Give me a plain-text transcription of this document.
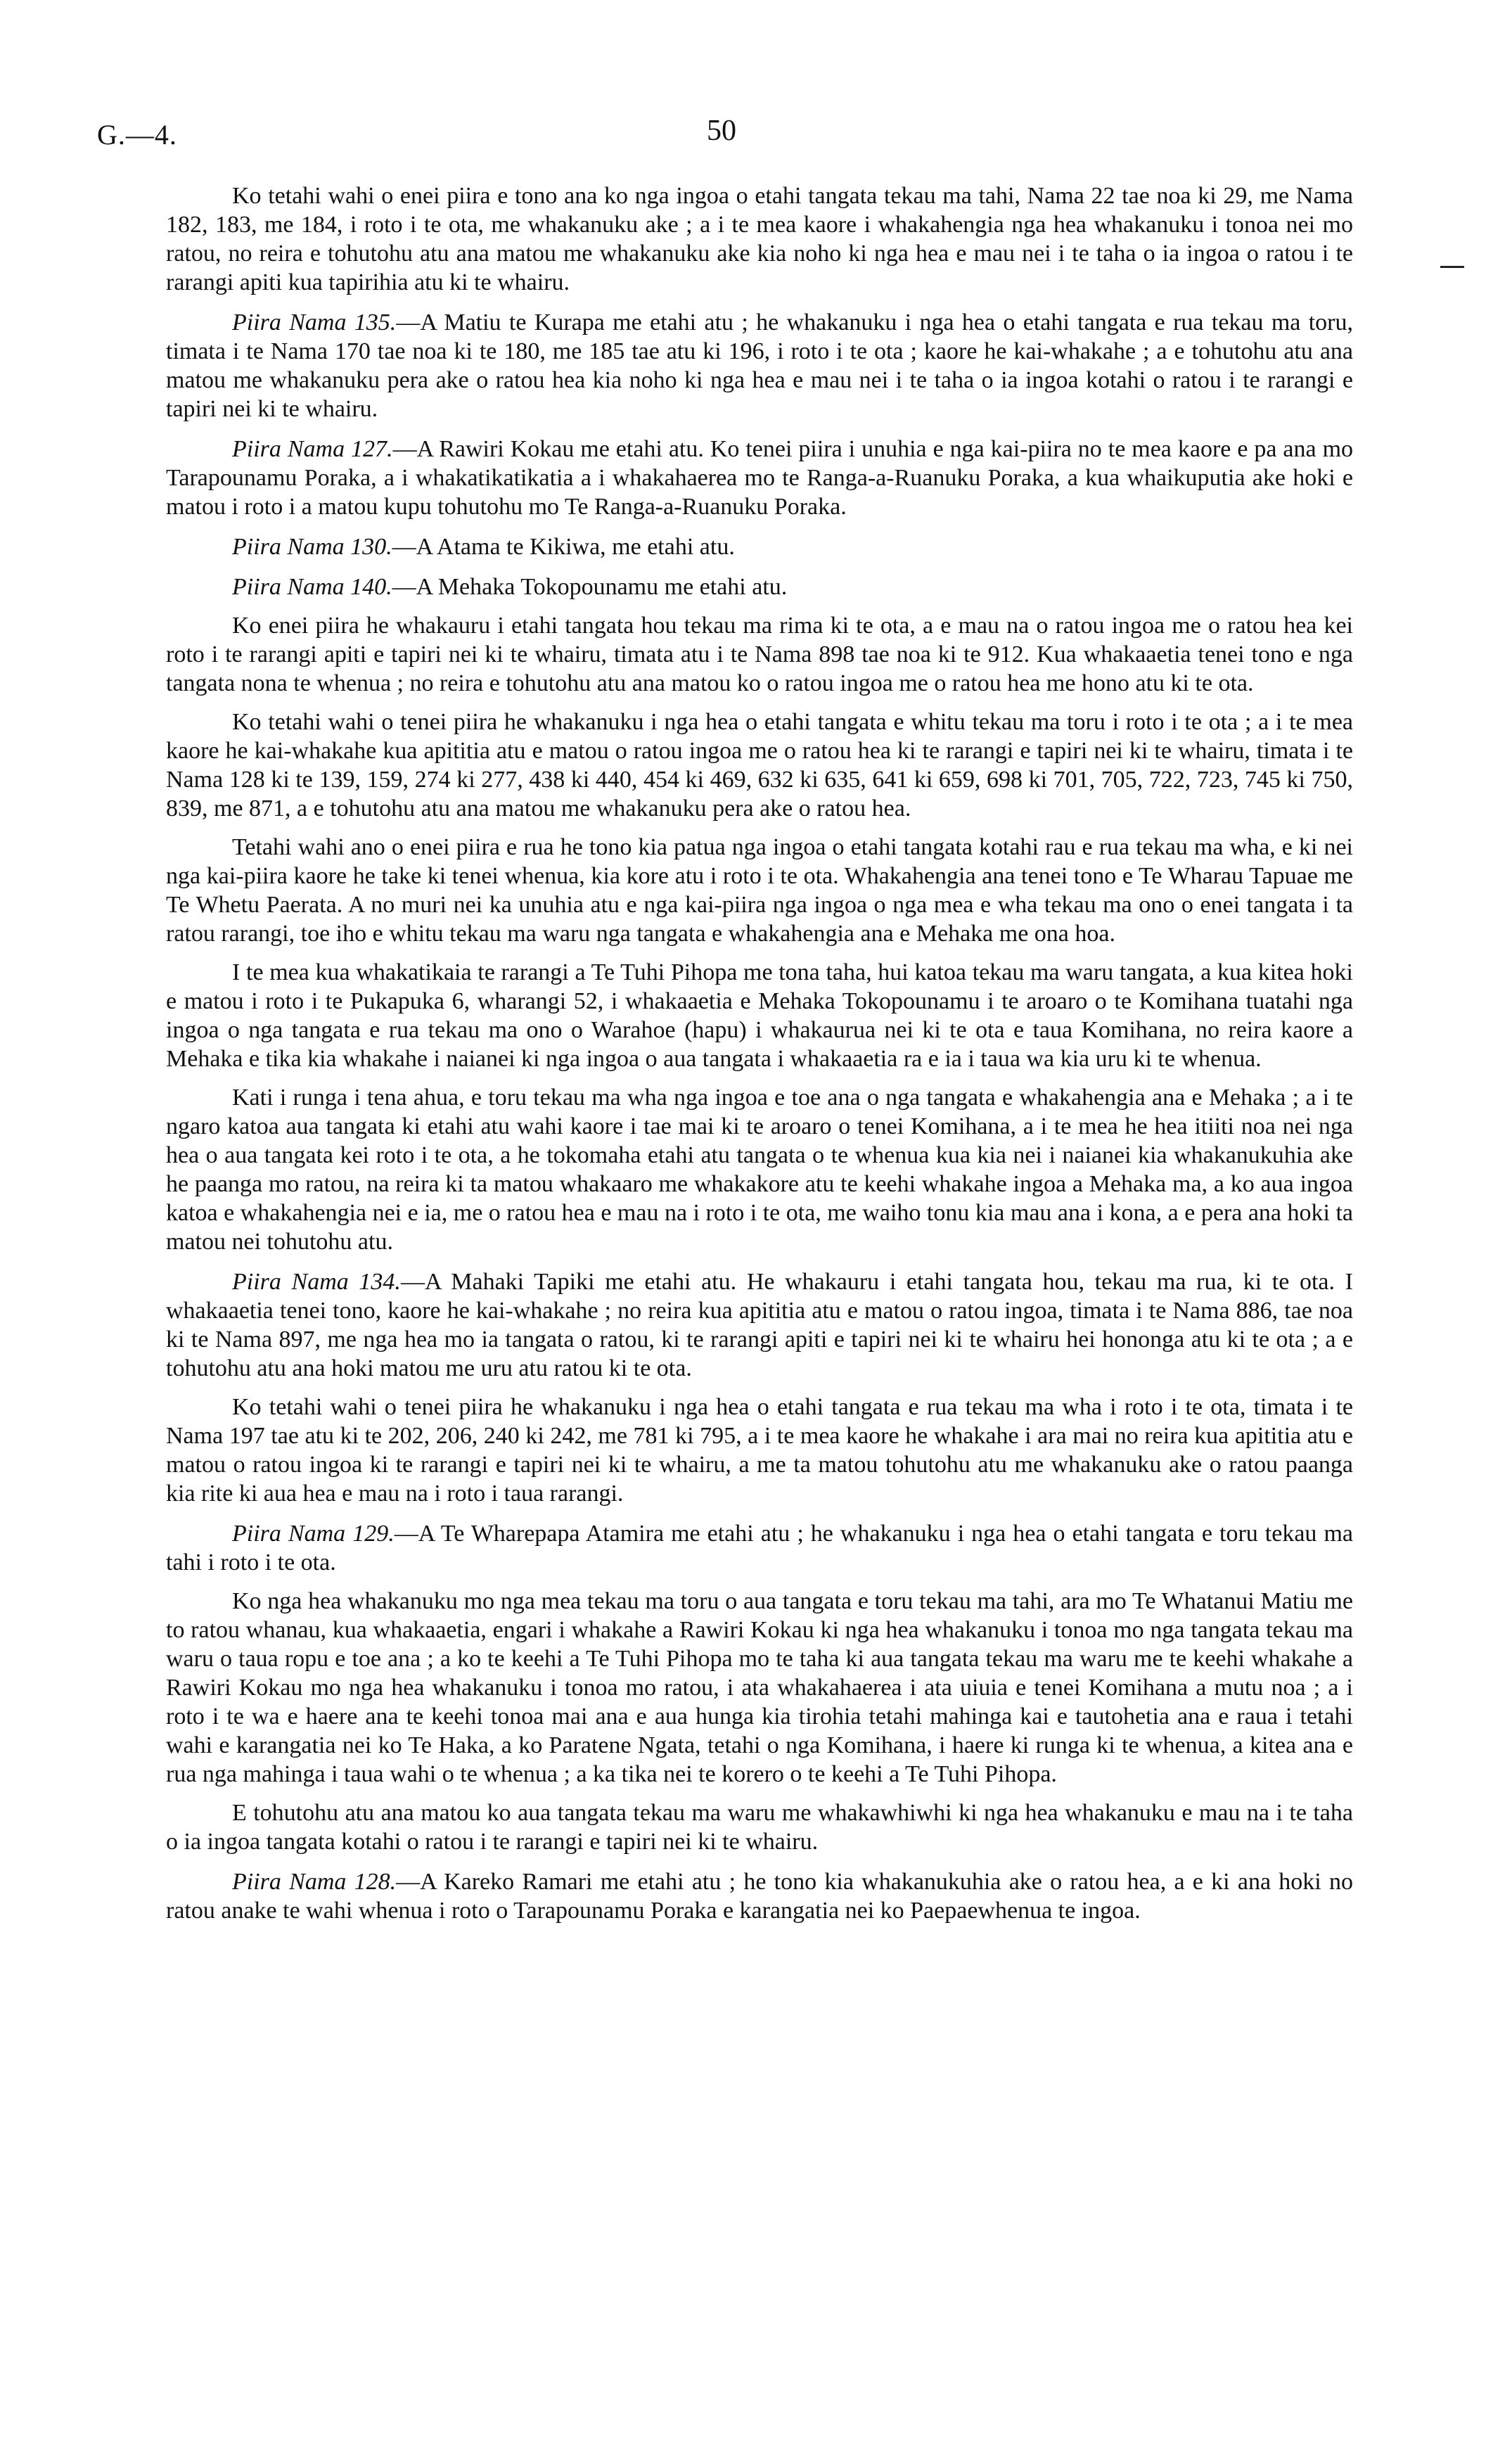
G.—4.	50

Ko tetahi wahi o enei piira e tono ana ko nga ingoa o etahi tangata tekau ma tahi, Nama 22 tae noa ki 29, me Nama 182, 183, me 184, i roto i te ota, me whakanuku ake ; a i te mea kaore i whakahengia nga hea whakanuku i tonoa nei mo ratou, no reira e tohutohu atu ana matou me whakanuku ake kia noho ki nga hea e mau nei i te taha o ia ingoa o ratou i te rarangi apiti kua tapirihia atu ki te whairu.

Piira Nama 135.—A Matiu te Kurapa me etahi atu ; he whakanuku i nga hea o etahi tangata e rua tekau ma toru, timata i te Nama 170 tae noa ki te 180, me 185 tae atu ki 196, i roto i te ota ; kaore he kai-whakahe ; a e tohutohu atu ana matou me whakanuku pera ake o ratou hea kia noho ki nga hea e mau nei i te taha o ia ingoa kotahi o ratou i te rarangi e tapiri nei ki te whairu.

Piira Nama 127.—A Rawiri Kokau me etahi atu. Ko tenei piira i unuhia e nga kai-piira no te mea kaore e pa ana mo Tarapounamu Poraka, a i whakatikatikatia a i whakahaerea mo te Ranga-a-Ruanuku Poraka, a kua whaikuputia ake hoki e matou i roto i a matou kupu tohutohu mo Te Ranga-a-Ruanuku Poraka.

Piira Nama 130.—A Atama te Kikiwa, me etahi atu.

Piira Nama 140.—A Mehaka Tokopounamu me etahi atu.

Ko enei piira he whakauru i etahi tangata hou tekau ma rima ki te ota, a e mau na o ratou ingoa me o ratou hea kei roto i te rarangi apiti e tapiri nei ki te whairu, timata atu i te Nama 898 tae noa ki te 912. Kua whakaaetia tenei tono e nga tangata nona te whenua ; no reira e tohutohu atu ana matou ko o ratou ingoa me o ratou hea me hono atu ki te ota.

Ko tetahi wahi o tenei piira he whakanuku i nga hea o etahi tangata e whitu tekau ma toru i roto i te ota ; a i te mea kaore he kai-whakahe kua apititia atu e matou o ratou ingoa me o ratou hea ki te rarangi e tapiri nei ki te whairu, timata i te Nama 128 ki te 139, 159, 274 ki 277, 438 ki 440, 454 ki 469, 632 ki 635, 641 ki 659, 698 ki 701, 705, 722, 723, 745 ki 750, 839, me 871, a e tohutohu atu ana matou me whakanuku pera ake o ratou hea.

Tetahi wahi ano o enei piira e rua he tono kia patua nga ingoa o etahi tangata kotahi rau e rua tekau ma wha, e ki nei nga kai-piira kaore he take ki tenei whenua, kia kore atu i roto i te ota. Whakahengia ana tenei tono e Te Wharau Tapuae me Te Whetu Paerata. A no muri nei ka unuhia atu e nga kai-piira nga ingoa o nga mea e wha tekau ma ono o enei tangata i ta ratou rarangi, toe iho e whitu tekau ma waru nga tangata e whakahengia ana e Mehaka me ona hoa.

I te mea kua whakatikaia te rarangi a Te Tuhi Pihopa me tona taha, hui katoa tekau ma waru tangata, a kua kitea hoki e matou i roto i te Pukapuka 6, wharangi 52, i whakaaetia e Mehaka Tokopounamu i te aroaro o te Komihana tuatahi nga ingoa o nga tangata e rua tekau ma ono o Warahoe (hapu) i whakaurua nei ki te ota e taua Komihana, no reira kaore a Mehaka e tika kia whakahe i naianei ki nga ingoa o aua tangata i whakaaetia ra e ia i taua wa kia uru ki te whenua.

Kati i runga i tena ahua, e toru tekau ma wha nga ingoa e toe ana o nga tangata e whakahengia ana e Mehaka ; a i te ngaro katoa aua tangata ki etahi atu wahi kaore i tae mai ki te aroaro o tenei Komihana, a i te mea he hea itiiti noa nei nga hea o aua tangata kei roto i te ota, a he tokomaha etahi atu tangata o te whenua kua kia nei i naianei kia whakanukuhia ake he paanga mo ratou, na reira ki ta matou whakaaro me whakakore atu te keehi whakahe ingoa a Mehaka ma, a ko aua ingoa katoa e whakahengia nei e ia, me o ratou hea e mau na i roto i te ota, me waiho tonu kia mau ana i kona, a e pera ana hoki ta matou nei tohutohu atu.

Piira Nama 134.—A Mahaki Tapiki me etahi atu. He whakauru i etahi tangata hou, tekau ma rua, ki te ota. I whakaaetia tenei tono, kaore he kai-whakahe ; no reira kua apititia atu e matou o ratou ingoa, timata i te Nama 886, tae noa ki te Nama 897, me nga hea mo ia tangata o ratou, ki te rarangi apiti e tapiri nei ki te whairu hei hononga atu ki te ota ; a e tohutohu atu ana hoki matou me uru atu ratou ki te ota.

Ko tetahi wahi o tenei piira he whakanuku i nga hea o etahi tangata e rua tekau ma wha i roto i te ota, timata i te Nama 197 tae atu ki te 202, 206, 240 ki 242, me 781 ki 795, a i te mea kaore he whakahe i ara mai no reira kua apititia atu e matou o ratou ingoa ki te rarangi e tapiri nei ki te whairu, a me ta matou tohutohu atu me whakanuku ake o ratou paanga kia rite ki aua hea e mau na i roto i taua rarangi.

Piira Nama 129.—A Te Wharepapa Atamira me etahi atu ; he whakanuku i nga hea o etahi tangata e toru tekau ma tahi i roto i te ota.

Ko nga hea whakanuku mo nga mea tekau ma toru o aua tangata e toru tekau ma tahi, ara mo Te Whatanui Matiu me to ratou whanau, kua whakaaetia, engari i whakahe a Rawiri Kokau ki nga hea whakanuku i tonoa mo nga tangata tekau ma waru o taua ropu e toe ana ; a ko te keehi a Te Tuhi Pihopa mo te taha ki aua tangata tekau ma waru me te keehi whakahe a Rawiri Kokau mo nga hea whakanuku i tonoa mo ratou, i ata whakahaerea i ata uiuia e tenei Komihana a mutu noa ; a i roto i te wa e haere ana te keehi tonoa mai ana e aua hunga kia tirohia tetahi mahinga kai e tautohetia ana e raua i tetahi wahi e karangatia nei ko Te Haka, a ko Paratene Ngata, tetahi o nga Komihana, i haere ki runga ki te whenua, a kitea ana e rua nga mahinga i taua wahi o te whenua ; a ka tika nei te korero o te keehi a Te Tuhi Pihopa.

E tohutohu atu ana matou ko aua tangata tekau ma waru me whakawhiwhi ki nga hea whakanuku e mau na i te taha o ia ingoa tangata kotahi o ratou i te rarangi e tapiri nei ki te whairu.

Piira Nama 128.—A Kareko Ramari me etahi atu ; he tono kia whakanukuhia ake o ratou hea, a e ki ana hoki no ratou anake te wahi whenua i roto o Tarapounamu Poraka e karangatia nei ko Paepaewhenua te ingoa.
